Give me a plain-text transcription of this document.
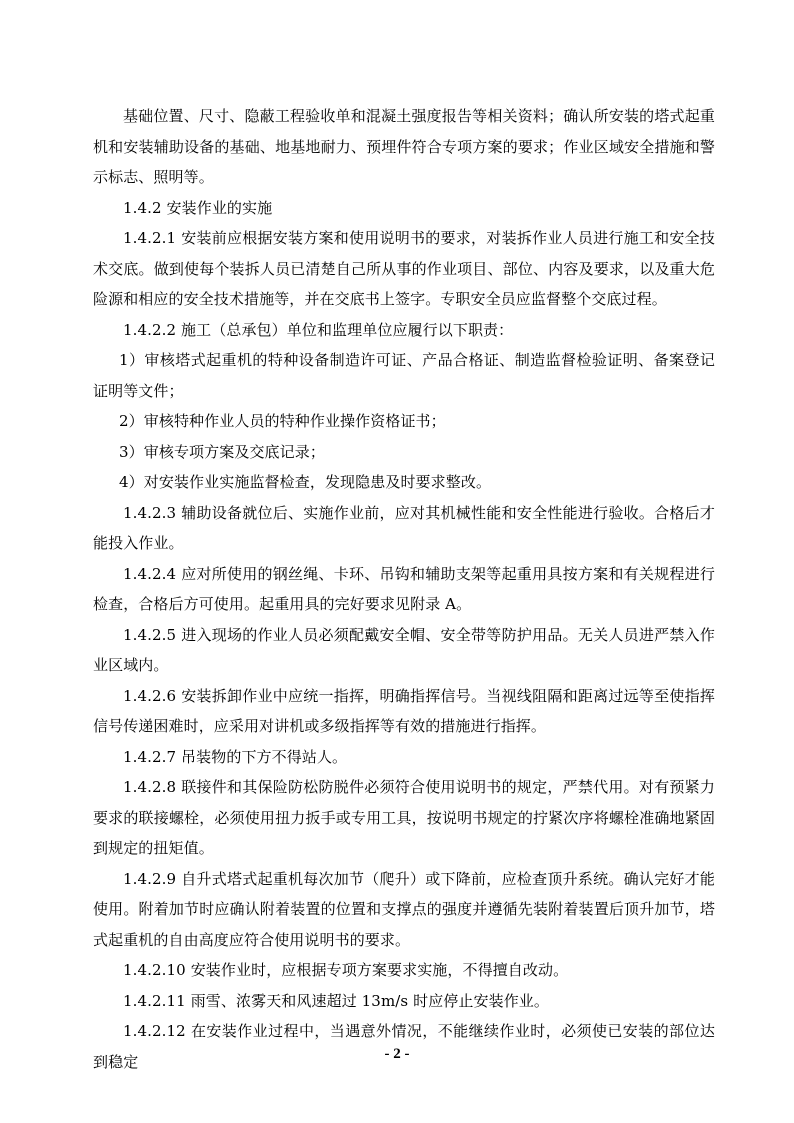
基础位置、尺寸、隐蔽工程验收单和混凝土强度报告等相关资料；确认所安装的塔式起重机和安装辅助设备的基础、地基地耐力、预埋件符合专项方案的要求；作业区域安全措施和警示标志、照明等。

1.4.2 安装作业的实施

1.4.2.1 安装前应根据安装方案和使用说明书的要求，对装拆作业人员进行施工和安全技术交底。做到使每个装拆人员已清楚自己所从事的作业项目、部位、内容及要求，以及重大危险源和相应的安全技术措施等，并在交底书上签字。专职安全员应监督整个交底过程。

1.4.2.2 施工（总承包）单位和监理单位应履行以下职责：

1）审核塔式起重机的特种设备制造许可证、产品合格证、制造监督检验证明、备案登记证明等文件；

2）审核特种作业人员的特种作业操作资格证书；

3）审核专项方案及交底记录；

4）对安装作业实施监督检查，发现隐患及时要求整改。

1.4.2.3 辅助设备就位后、实施作业前，应对其机械性能和安全性能进行验收。合格后才能投入作业。

1.4.2.4 应对所使用的钢丝绳、卡环、吊钩和辅助支架等起重用具按方案和有关规程进行检查，合格后方可使用。起重用具的完好要求见附录 A。

1.4.2.5 进入现场的作业人员必须配戴安全帽、安全带等防护用品。无关人员进严禁入作业区域内。

1.4.2.6 安装拆卸作业中应统一指挥，明确指挥信号。当视线阻隔和距离过远等至使指挥信号传递困难时，应采用对讲机或多级指挥等有效的措施进行指挥。

1.4.2.7 吊装物的下方不得站人。

1.4.2.8 联接件和其保险防松防脱件必须符合使用说明书的规定，严禁代用。对有预紧力要求的联接螺栓，必须使用扭力扳手或专用工具，按说明书规定的拧紧次序将螺栓准确地紧固到规定的扭矩值。

1.4.2.9 自升式塔式起重机每次加节（爬升）或下降前，应检查顶升系统。确认完好才能使用。附着加节时应确认附着装置的位置和支撑点的强度并遵循先装附着装置后顶升加节，塔式起重机的自由高度应符合使用说明书的要求。

1.4.2.10 安装作业时，应根据专项方案要求实施，不得擅自改动。

1.4.2.11 雨雪、浓雾天和风速超过 13m/s 时应停止安装作业。

1.4.2.12 在安装作业过程中，当遇意外情况，不能继续作业时，必须使已安装的部位达到稳定	- 2 -
